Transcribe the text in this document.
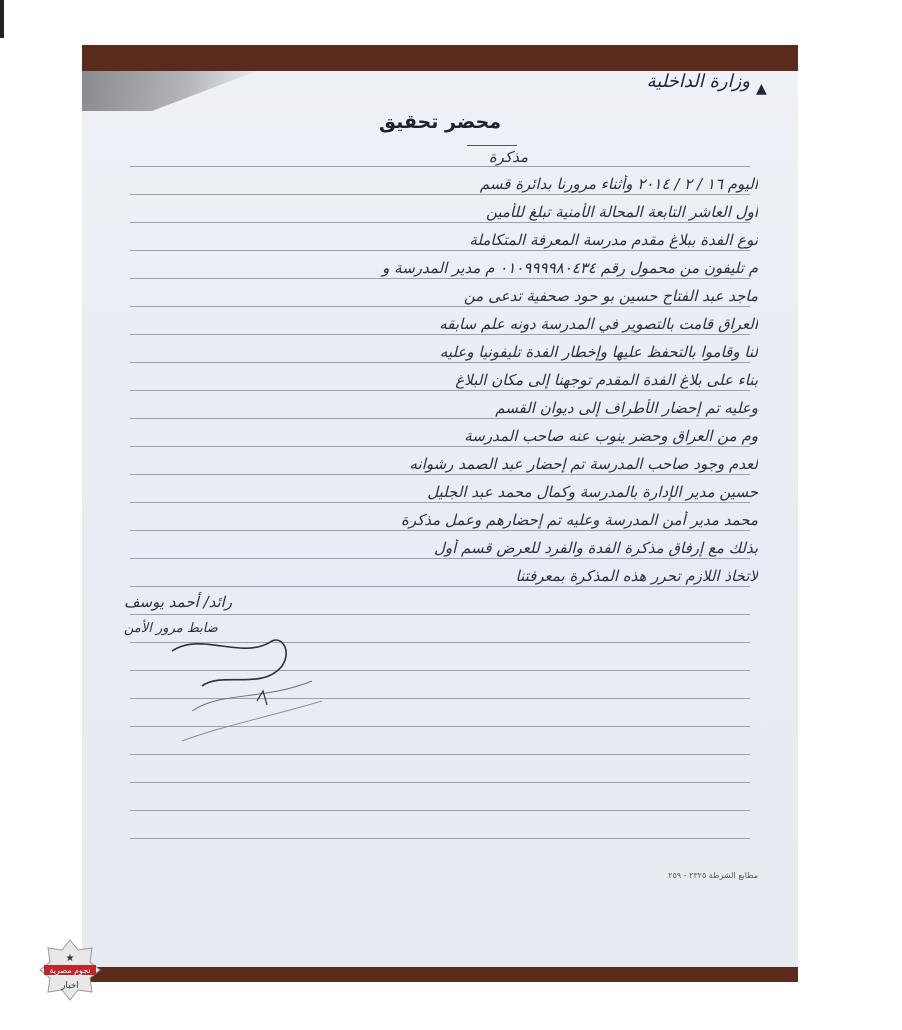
وزارة الداخلية ▲
محضر تحقيق
مذكرة
اليوم ١٦ / ٢ / ٢٠١٤ وأثناء مرورنا بدائرة قسم
أول العاشر التابعة المحالة الأمنية تبلغ للأمين
نوع الفدة ببلاغ مقدم مدرسة المعرفة المتكاملة
م تليفون من محمول رقم ٠١٠٩٩٩٩٨٠٤٣٤ م مدير المدرسة و
ماجد عبد الفتاح حسين بو حود صحفية تدعى من
العراق قامت بالتصوير في المدرسة دونه علم سابقه
لنا وقاموا بالتحفظ عليها وإخطار الفدة تليفونيا وعليه
بناء على بلاغ الفدة المقدم توجهنا إلى مكان البلاغ
وعليه تم إحضار الأطراف إلى ديوان القسم
وم من العراق وحضر ينوب عنه صاحب المدرسة
لعدم وجود صاحب المدرسة تم إحضار عبد الصمد رشوانه
حسين مدير الإدارة بالمدرسة وكمال محمد عبد الجليل
محمد مدير أمن المدرسة وعليه تم إحضارهم وعمل مذكرة
بذلك مع إرفاق مذكرة الفدة والفرد للعرض قسم أول
لاتخاذ اللازم تحرر هذه المذكرة بمعرفتنا
رائد/ أحمد يوسف
ضابط مرور الأمن
مطابع الشرطة ٢٣٢٥ - ٢٥٩
★
نجوم مصرية
اخبار
